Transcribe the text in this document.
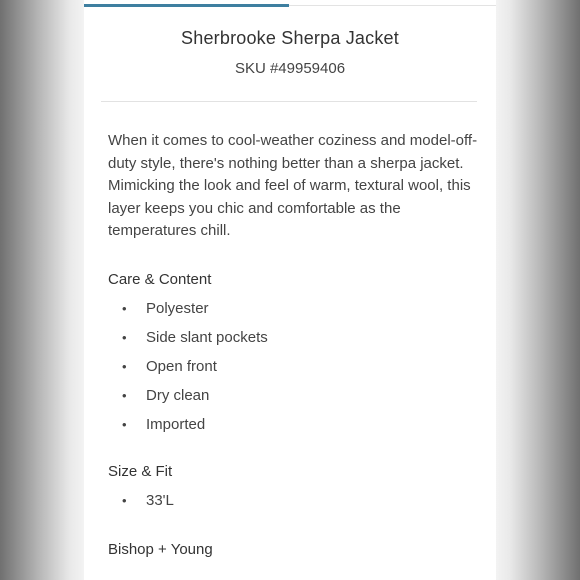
Sherbrooke Sherpa Jacket
SKU #49959406
When it comes to cool-weather coziness and model-off-duty style, there's nothing better than a sherpa jacket. Mimicking the look and feel of warm, textural wool, this layer keeps you chic and comfortable as the temperatures chill.
Care & Content
• Polyester
• Side slant pockets
• Open front
• Dry clean
• Imported
Size & Fit
• 33'L
Bishop + Young
